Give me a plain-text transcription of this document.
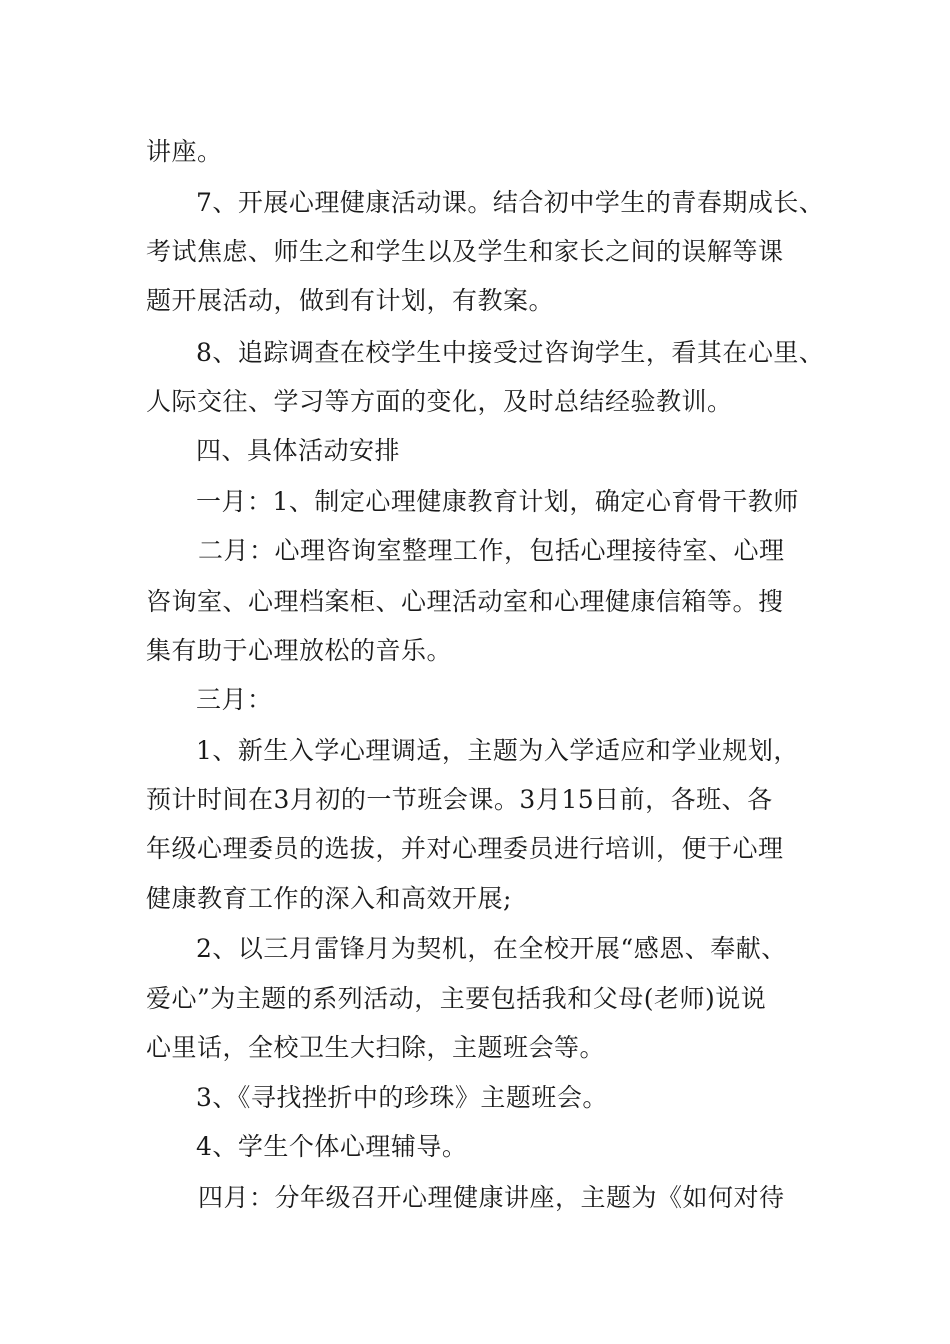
讲座。
7、开展心理健康活动课。结合初中学生的青春期成长、
考试焦虑、师生之和学生以及学生和家长之间的误解等课
题开展活动，做到有计划，有教案。
8、追踪调查在校学生中接受过咨询学生，看其在心里、
人际交往、学习等方面的变化，及时总结经验教训。
四、具体活动安排
一月：1、制定心理健康教育计划，确定心育骨干教师
二月：心理咨询室整理工作，包括心理接待室、心理
咨询室、心理档案柜、心理活动室和心理健康信箱等。搜
集有助于心理放松的音乐。
三月：
1、新生入学心理调适，主题为入学适应和学业规划，
预计时间在3月初的一节班会课。3月15日前，各班、各
年级心理委员的选拔，并对心理委员进行培训，便于心理
健康教育工作的深入和高效开展;
2、以三月雷锋月为契机，在全校开展“感恩、奉献、
爱心”为主题的系列活动，主要包括我和父母(老师)说说
心里话，全校卫生大扫除，主题班会等。
3、《寻找挫折中的珍珠》主题班会。
4、学生个体心理辅导。
四月：分年级召开心理健康讲座，主题为《如何对待
